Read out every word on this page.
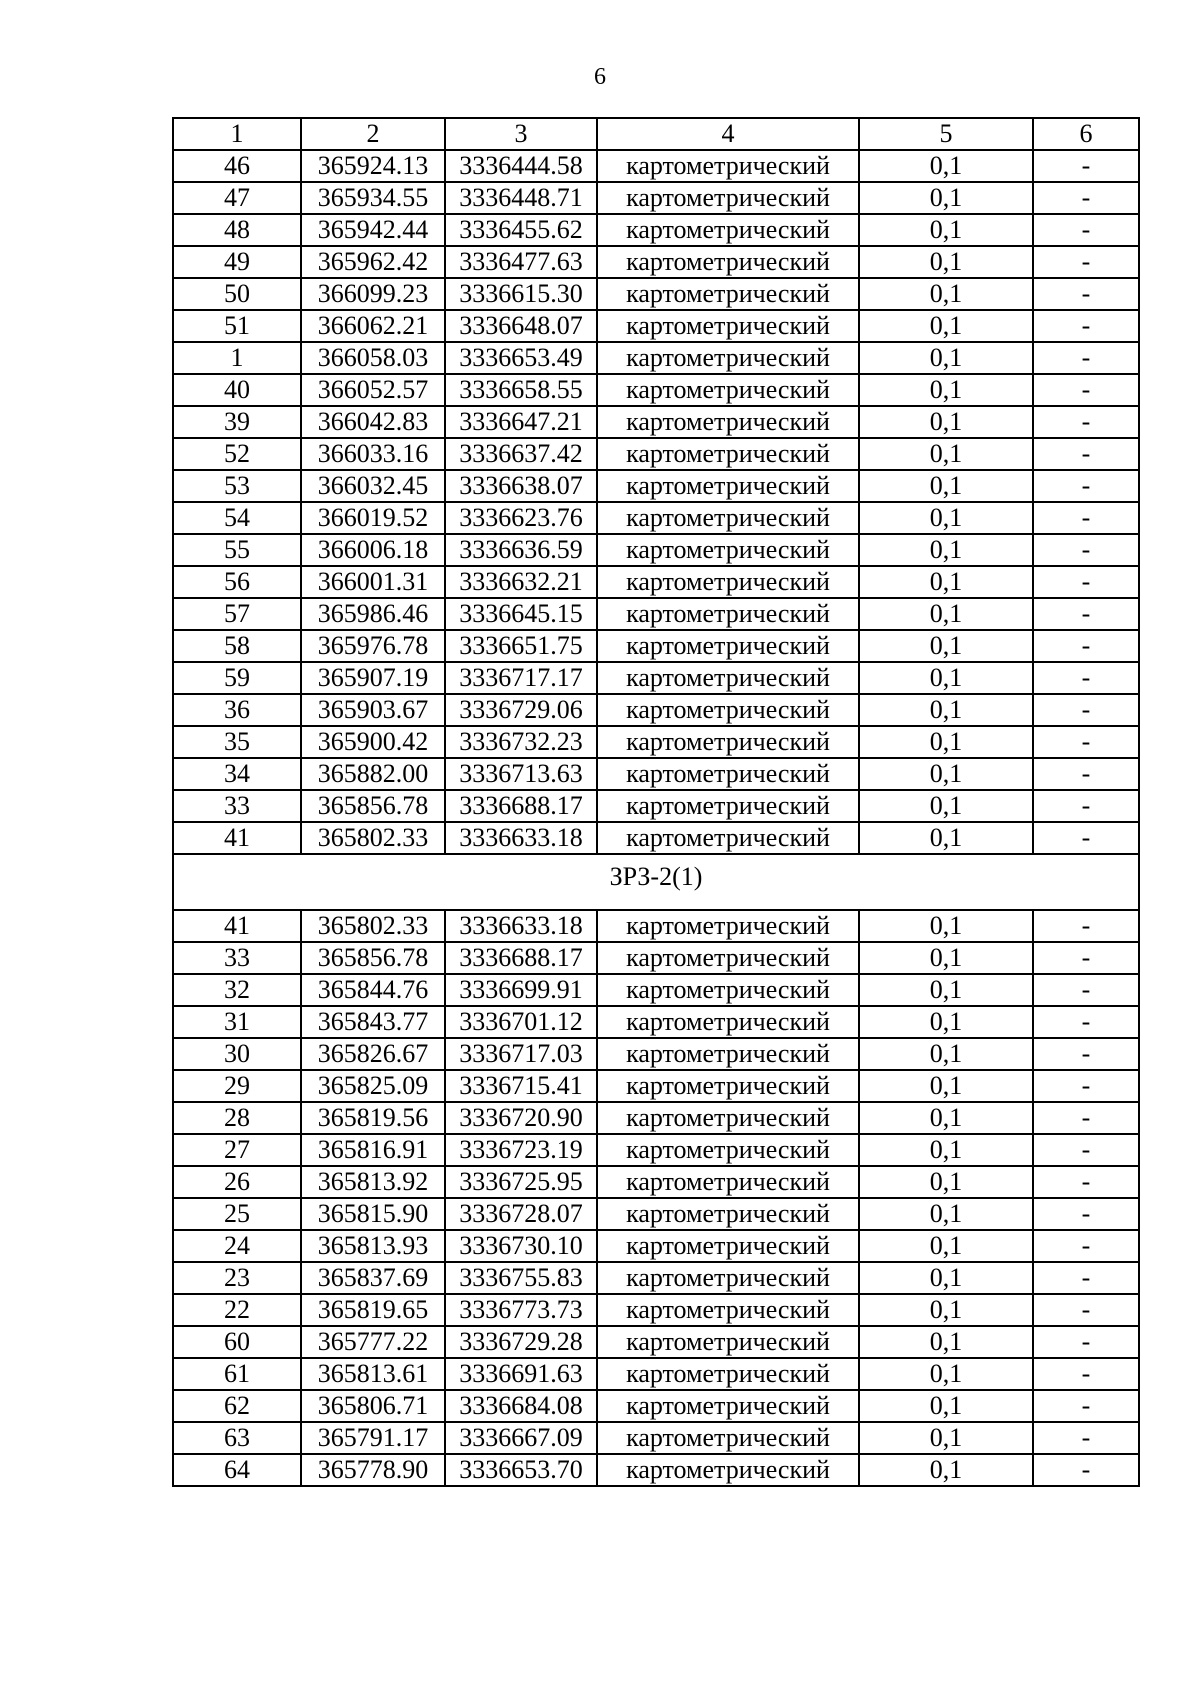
6
1	2	3	4	5	6
46	365924.13	3336444.58	картометрический	0,1	-
47	365934.55	3336448.71	картометрический	0,1	-
48	365942.44	3336455.62	картометрический	0,1	-
49	365962.42	3336477.63	картометрический	0,1	-
50	366099.23	3336615.30	картометрический	0,1	-
51	366062.21	3336648.07	картометрический	0,1	-
1	366058.03	3336653.49	картометрический	0,1	-
40	366052.57	3336658.55	картометрический	0,1	-
39	366042.83	3336647.21	картометрический	0,1	-
52	366033.16	3336637.42	картометрический	0,1	-
53	366032.45	3336638.07	картометрический	0,1	-
54	366019.52	3336623.76	картометрический	0,1	-
55	366006.18	3336636.59	картометрический	0,1	-
56	366001.31	3336632.21	картометрический	0,1	-
57	365986.46	3336645.15	картометрический	0,1	-
58	365976.78	3336651.75	картометрический	0,1	-
59	365907.19	3336717.17	картометрический	0,1	-
36	365903.67	3336729.06	картометрический	0,1	-
35	365900.42	3336732.23	картометрический	0,1	-
34	365882.00	3336713.63	картометрический	0,1	-
33	365856.78	3336688.17	картометрический	0,1	-
41	365802.33	3336633.18	картометрический	0,1	-
ЗРЗ-2(1)					
41	365802.33	3336633.18	картометрический	0,1	-
33	365856.78	3336688.17	картометрический	0,1	-
32	365844.76	3336699.91	картометрический	0,1	-
31	365843.77	3336701.12	картометрический	0,1	-
30	365826.67	3336717.03	картометрический	0,1	-
29	365825.09	3336715.41	картометрический	0,1	-
28	365819.56	3336720.90	картометрический	0,1	-
27	365816.91	3336723.19	картометрический	0,1	-
26	365813.92	3336725.95	картометрический	0,1	-
25	365815.90	3336728.07	картометрический	0,1	-
24	365813.93	3336730.10	картометрический	0,1	-
23	365837.69	3336755.83	картометрический	0,1	-
22	365819.65	3336773.73	картометрический	0,1	-
60	365777.22	3336729.28	картометрический	0,1	-
61	365813.61	3336691.63	картометрический	0,1	-
62	365806.71	3336684.08	картометрический	0,1	-
63	365791.17	3336667.09	картометрический	0,1	-
64	365778.90	3336653.70	картометрический	0,1	-
